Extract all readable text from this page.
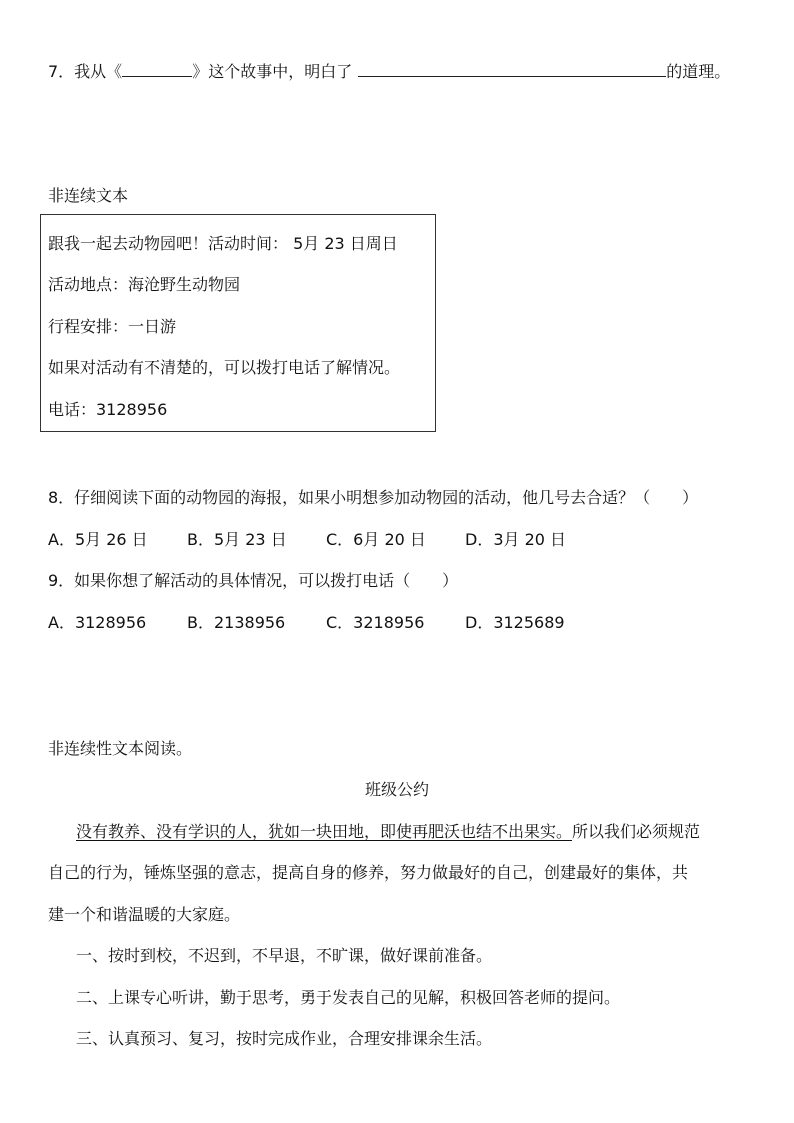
7．我从《	》这个故事中，明白了	的道理。
非连续文本
跟我一起去动物园吧！活动时间： 5月 23 日周日
活动地点：海沧野生动物园
行程安排：一日游
如果对活动有不清楚的，可以拨打电话了解情况。
电话：3128956
8．仔细阅读下面的动物园的海报，如果小明想参加动物园的活动，他几号去合适？（　　）
A．5月 26 日 B．5月 23 日 C．6月 20 日 D．3月 20 日
9．如果你想了解活动的具体情况，可以拨打电话（　　）
A．3128956	B．2138956	C．3218956	D．3125689
非连续性文本阅读。
班级公约
没有教养、没有学识的人，犹如一块田地，即使再肥沃也结不出果实。所以我们必须规范
自己的行为，锤炼坚强的意志，提高自身的修养，努力做最好的自己，创建最好的集体，共
建一个和谐温暖的大家庭。
一、按时到校，不迟到，不早退，不旷课，做好课前准备。
二、上课专心听讲，勤于思考，勇于发表自己的见解，积极回答老师的提问。
三、认真预习、复习，按时完成作业，合理安排课余生活。
